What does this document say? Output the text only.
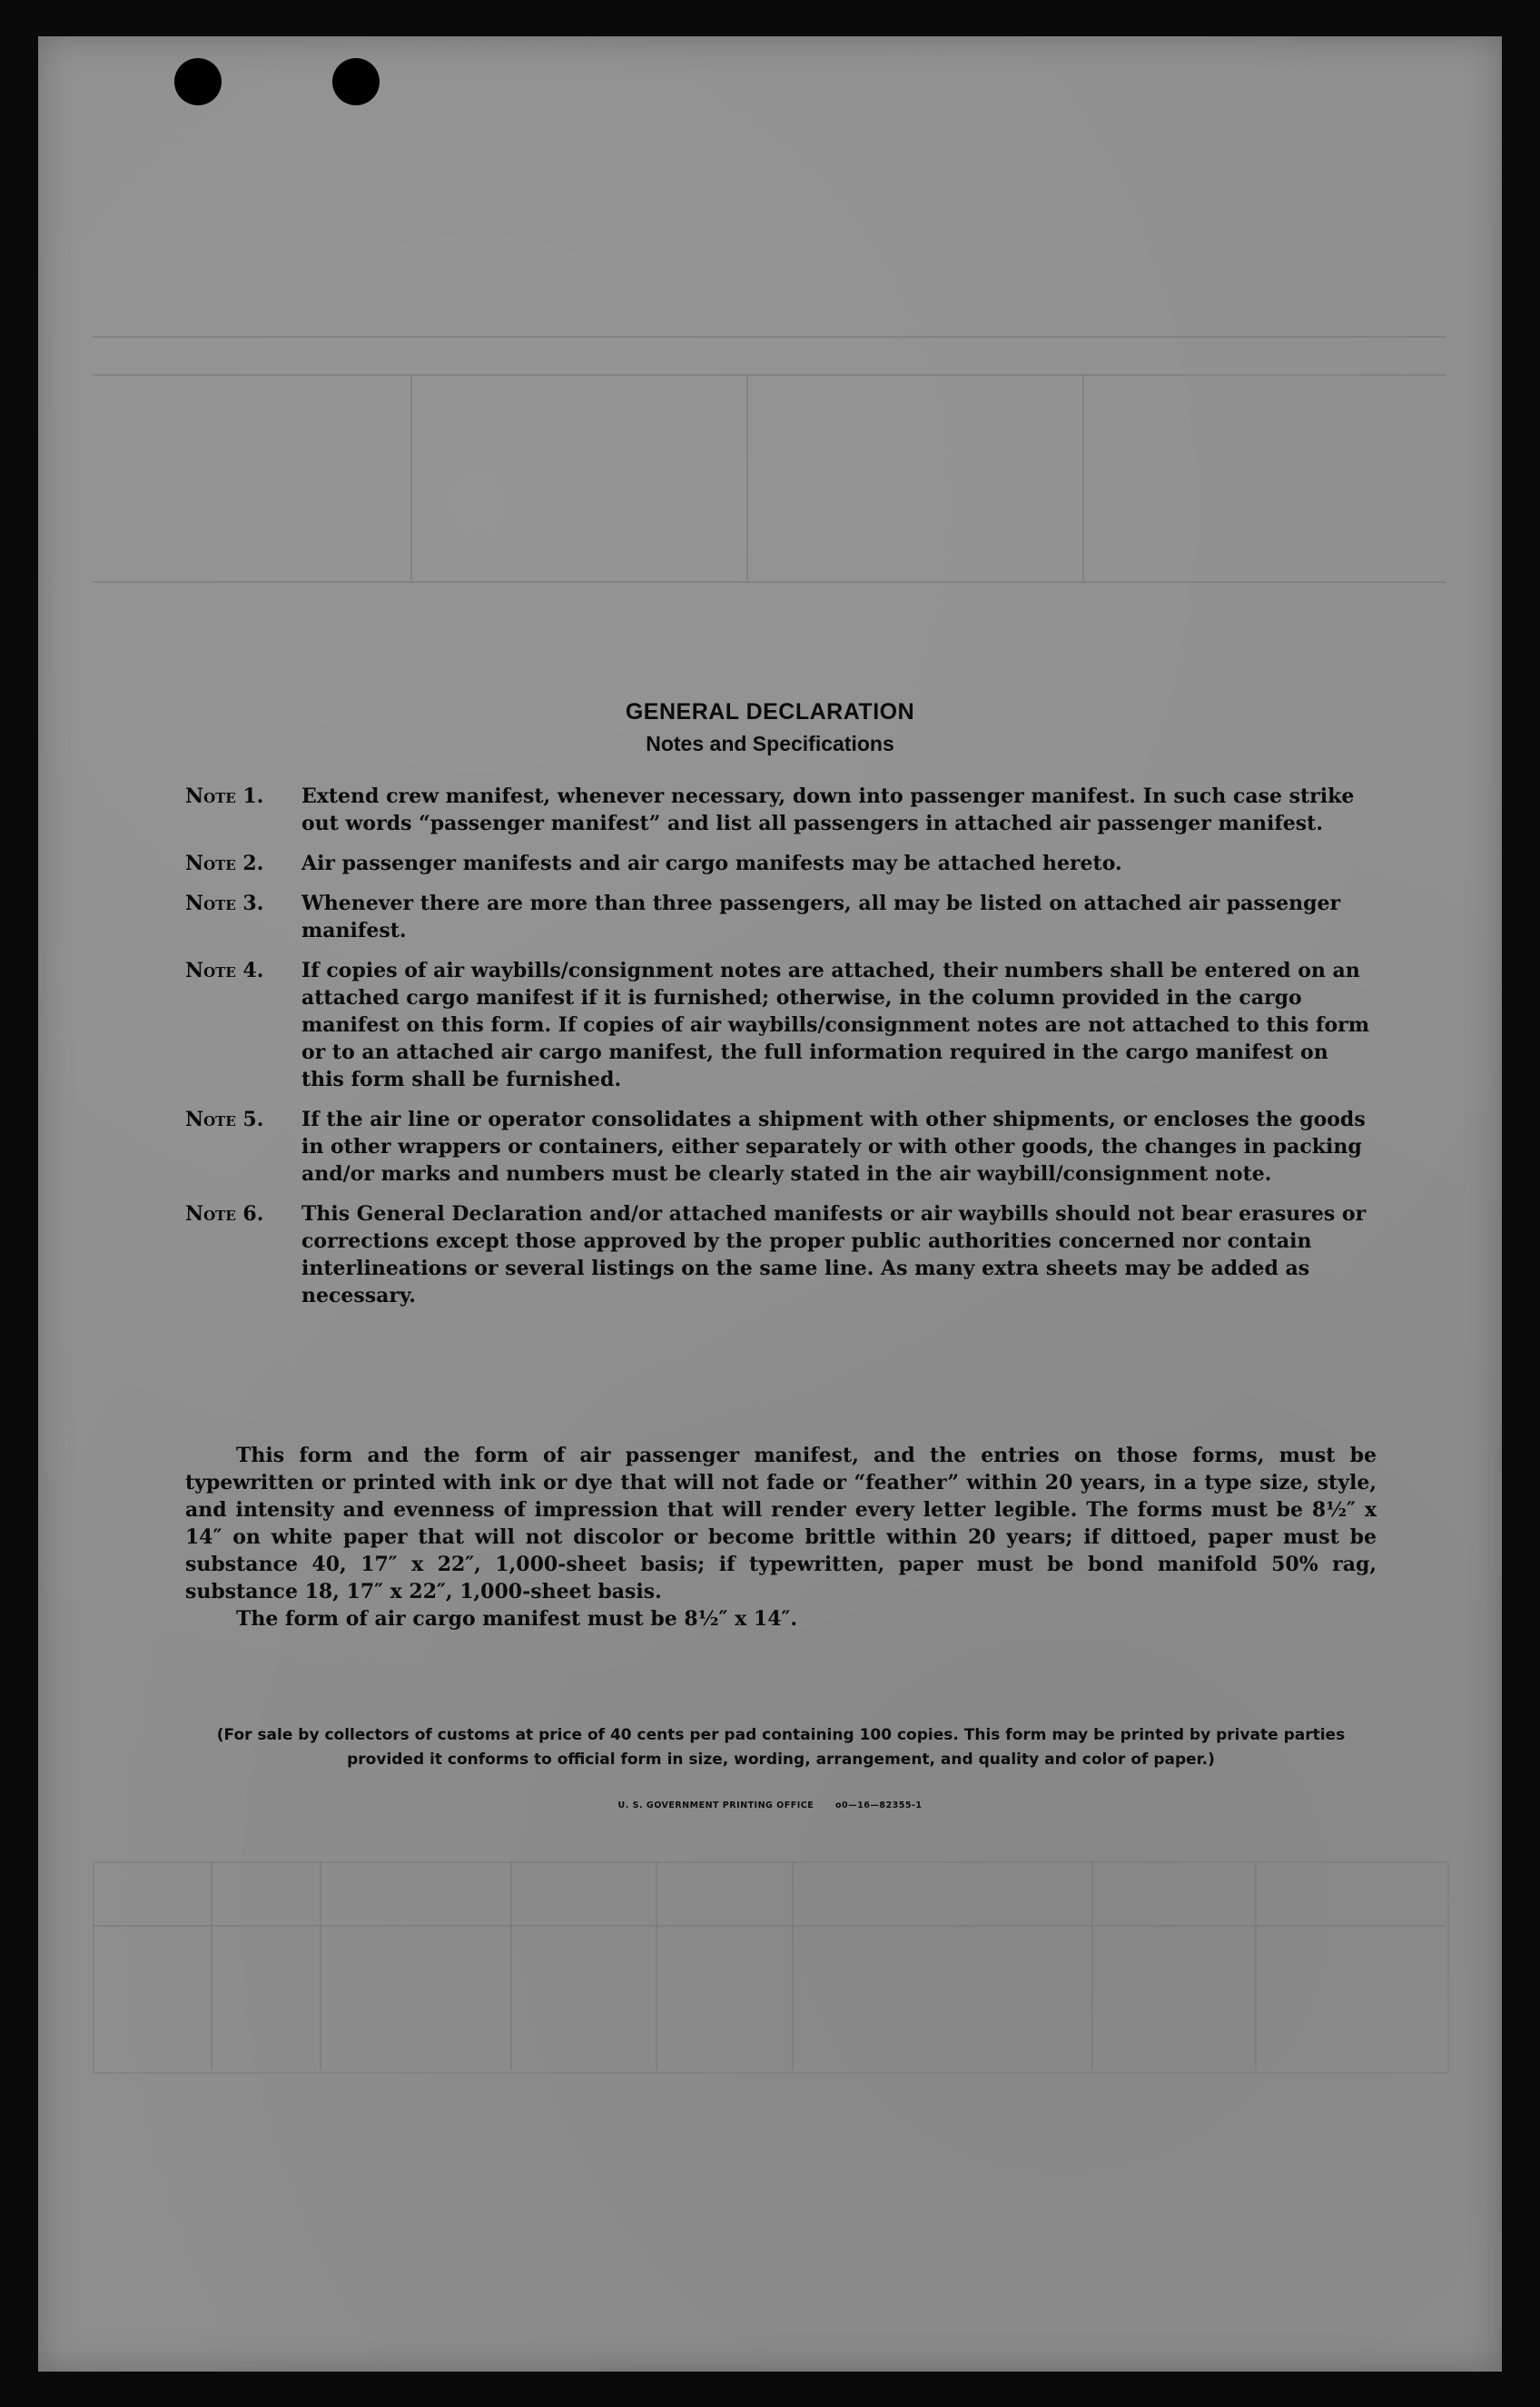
GENERAL DECLARATION
Notes and Specifications
Note 1. Extend crew manifest, whenever necessary, down into passenger manifest. In such case strike out words “passenger manifest” and list all passengers in attached air passenger manifest.
Note 2. Air passenger manifests and air cargo manifests may be attached hereto.
Note 3. Whenever there are more than three passengers, all may be listed on attached air passenger manifest.
Note 4. If copies of air waybills/consignment notes are attached, their numbers shall be entered on an attached cargo manifest if it is furnished; otherwise, in the column provided in the cargo manifest on this form. If copies of air waybills/consignment notes are not attached to this form or to an attached air cargo manifest, the full information required in the cargo manifest on this form shall be furnished.
Note 5. If the air line or operator consolidates a shipment with other shipments, or encloses the goods in other wrappers or containers, either separately or with other goods, the changes in packing and/or marks and numbers must be clearly stated in the air waybill/consignment note.
Note 6. This General Declaration and/or attached manifests or air waybills should not bear erasures or corrections except those approved by the proper public authorities concerned nor contain interlineations or several listings on the same line. As many extra sheets may be added as necessary.

This form and the form of air passenger manifest, and the entries on those forms, must be typewritten or printed with ink or dye that will not fade or “feather” within 20 years, in a type size, style, and intensity and evenness of impression that will render every letter legible. The forms must be 8½″ x 14″ on white paper that will not discolor or become brittle within 20 years; if dittoed, paper must be substance 40, 17″ x 22″, 1,000-sheet basis; if typewritten, paper must be bond manifold 50% rag, substance 18, 17″ x 22″, 1,000-sheet basis.

The form of air cargo manifest must be 8½″ x 14″.

(For sale by collectors of customs at price of 40 cents per pad containing 100 copies. This form may be printed by private parties provided it conforms to official form in size, wording, arrangement, and quality and color of paper.)
U. S. GOVERNMENT PRINTING OFFICE	o0—16—82355-1
